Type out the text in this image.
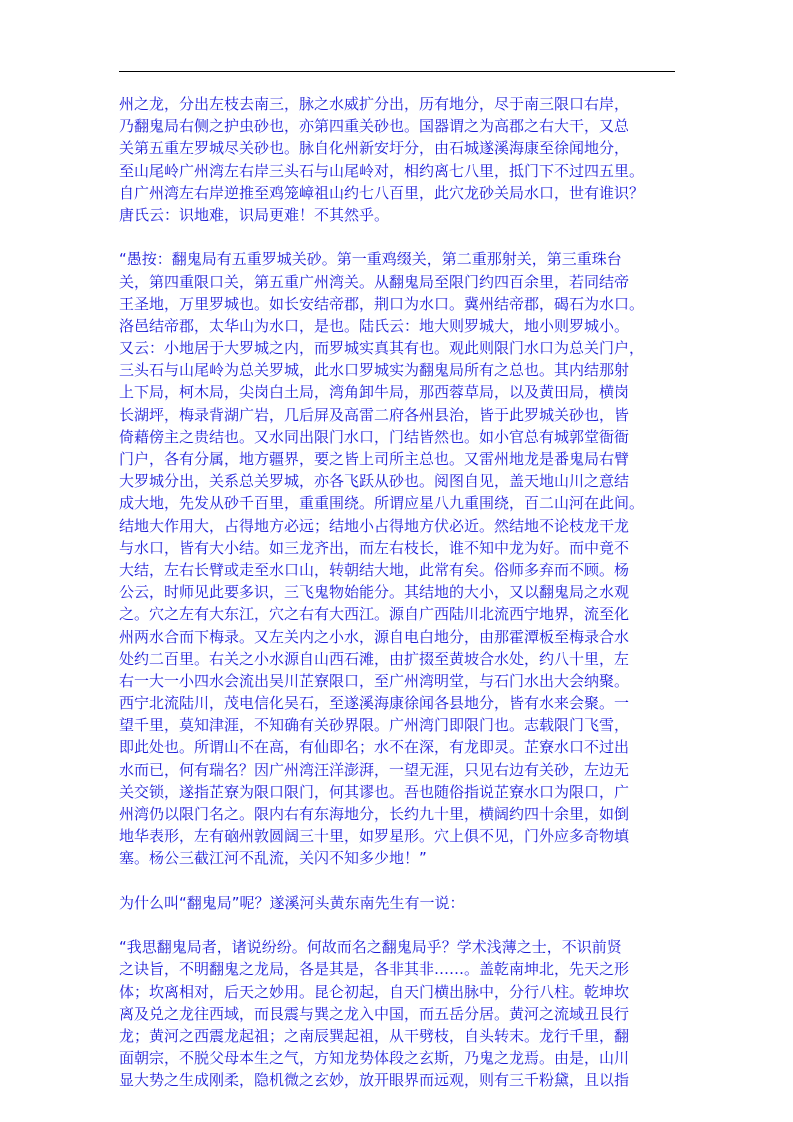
州之龙，分出左枝去南三，脉之水威扩分出，历有地分，尽于南三限口右岸，
乃翻鬼局右侧之护虫砂也，亦第四重关砂也。国器谓之为高郡之右大干，又总
关第五重左罗城尽关砂也。脉自化州新安圩分，由石城遂溪海康至徐闻地分，
至山尾岭广州湾左右岸三头石与山尾岭对，相约离七八里，抵门下不过四五里。
自广州湾左右岸逆推至鸡笼嶂祖山约七八百里，此穴龙砂关局水口，世有谁识？
唐氏云：识地难，识局更难！不其然乎。
“愚按：翻鬼局有五重罗城关砂。第一重鸡缀关，第二重那射关，第三重珠台
关，第四重限口关，第五重广州湾关。从翻鬼局至限门约四百余里，若同结帝
王圣地，万里罗城也。如长安结帝郡，荆口为水口。冀州结帝郡，碣石为水口。
洛邑结帝郡，太华山为水口，是也。陆氏云：地大则罗城大，地小则罗城小。
又云：小地居于大罗城之内，而罗城实真其有也。观此则限门水口为总关门户，
三头石与山尾岭为总关罗城，此水口罗城实为翻鬼局所有之总也。其内结那射
上下局，柯木局，尖岗白土局，湾角卸牛局，那西蓉草局，以及黄田局，横岗
长湖坪，梅录背湖广岩，几后屏及高雷二府各州县治，皆于此罗城关砂也，皆
倚藉傍主之贵结也。又水同出限门水口，门结皆然也。如小官总有城郭堂衙衙
门户，各有分属，地方疆界，要之皆上司所主总也。又雷州地龙是番鬼局右臂
大罗城分出，关系总关罗城，亦各飞跃从砂也。阅图自见，盖天地山川之意结
成大地，先发从砂千百里，重重围绕。所谓应星八九重围绕，百二山河在此间。
结地大作用大，占得地方必远；结地小占得地方伏必近。然结地不论枝龙干龙
与水口，皆有大小结。如三龙齐出，而左右枝长，谁不知中龙为好。而中竟不
大结，左右长臂或走至水口山，转朝结大地，此常有矣。俗师多弃而不顾。杨
公云，时师见此要多识，三飞鬼物始能分。其结地的大小，又以翻鬼局之水观
之。穴之左有大东江，穴之右有大西江。源自广西陆川北流西宁地界，流至化
州两水合而下梅录。又左关内之小水，源自电白地分，由那霍潭板至梅录合水
处约二百里。右关之小水源自山西石滩，由扩掇至黄坡合水处，约八十里，左
右一大一小四水会流出吴川芷寮限口，至广州湾明堂，与石门水出大会纳聚。
西宁北流陆川，茂电信化吴石，至遂溪海康徐闻各县地分，皆有水来会聚。一
望千里，莫知津涯，不知确有关砂界限。广州湾门即限门也。志载限门飞雪，
即此处也。所谓山不在高，有仙即名；水不在深，有龙即灵。芷寮水口不过出
水而已，何有瑞名？因广州湾汪洋澎湃，一望无涯，只见右边有关砂，左边无
关交锁，遂指芷寮为限口限门，何其谬也。吾也随俗指说芷寮水口为限口，广
州湾仍以限门名之。限内右有东海地分，长约九十里，横阔约四十余里，如倒
地华表形，左有硇州敦圆阔三十里，如罗星形。穴上俱不见，门外应多奇物填
塞。杨公三截江河不乱流，关闪不知多少地！”
为什么叫“翻鬼局”呢？遂溪河头黄东南先生有一说：
“我思翻鬼局者，诸说纷纷。何故而名之翻鬼局乎？学术浅薄之士，不识前贤
之诀旨，不明翻鬼之龙局，各是其是，各非其非……。盖乾南坤北，先天之形
体；坎离相对，后天之妙用。昆仑初起，自天门横出脉中，分行八柱。乾坤坎
离及兑之龙往西域，而艮震与巽之龙入中国，而五岳分居。黄河之流域丑艮行
龙；黄河之西震龙起祖；之南辰巽起祖，从干劈枝，自头转末。龙行千里，翻
面朝宗，不脱父母本生之气，方知龙势体段之玄斯，乃鬼之龙焉。由是，山川
显大势之生成刚柔，隐机微之玄妙，放开眼界而远观，则有三千粉黛，且以指
